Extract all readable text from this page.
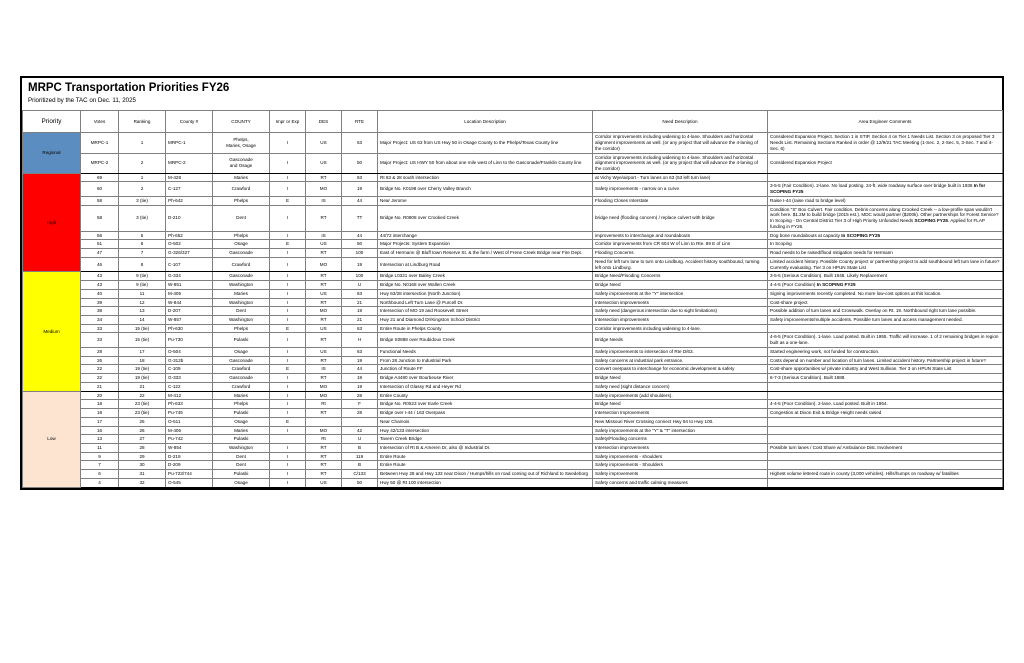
MRPC Transportation Priorities FY26
Prioritized by the TAC on Dec. 11, 2025
Priority	Votes	Ranking	County #	COUNTY	Impr or Exp	DES	RTE	Location Description	Need Description	Area Engineer Comments
Regional	MRPC-1	1	MRPC-1	Phelps,
Maries, Osage	I	US	63	Major Project: US 63 from US Hwy 50 in Osage County to the Phelps/Texas County line	Corridor improvements including widening to 4-lane. Shoulders and horizontal alignment improvements as well. (or any project that will advance the 4-laning of the corridor)	Considered Expansion Project. Section 1 in STIP, Section 4 on Tier 1 Needs List. Section 3 on proposed Tier 3 Needs List. Remaining Sections Ranked in order @ 12/9/21 TAC Meeting (1-Sec. 2, 2-Sec. 5, 3-Sec. 7 and 4-Sec. 6)
	MRPC-2	2	MRPC-2	Gasconade
and Osage	I	US	50	Major Project: US HWY 50 from about one mile west of Linn to the Gasconade/Franklin County line	Corridor improvements including widening to 4-lane. Shoulders and horizontal alignment improvements as well. (or any project that will advance the 4-laning of the corridor)	Considered Expansion Project
High	69	1	M-428	Maries	I	RT	63	Rt 63 & 28 south intersection	at Vichy Wye/airport - Turn lanes on 63 (53 left turn lane)	
	60	2	C-127	Crawford	I	MO	19	Bridge No. K0198 over Cherry Valley Branch	Safety improvements - narrow on a curve	3-5-5 (Fair Condition). 2-lane. No load posting. 24-ft. wide roadway surface over bridge built in 1936 In for SCOPING FY25
	58	3 (tie)	Ph-642	Phelps	E	IS	44	Near Jerome	Flooding Closes Interstate	Raise I-44 (raise road to bridge level)
	58	3 (tie)	D-210	Dent	I	RT	TT	Bridge No. R0808 over Crooked Creek	bridge need (flooding concern) / replace culvert with bridge	Condition "S" Box Culvert. Fair condition. Debris concerns along Crooked Creek -- a low-profile span wouldn't work here. $1.2M to build bridge (2015 est.). MDC would partner ($200k). Other partnerships for Forest Service? In Scoping - On Central District Tier 3 of High Priority Unfunded Needs SCOPING FY25. Applied for FLAP funding in FY26.
	56	5	Ph-652	Phelps	I	IS	44	44/72 interchange	improvements to interchange and roundabouts	Dog bone roundabouts at capacity In SCOPING FY25
	51	6	O-502	Osage	E	US	50	Major Projects: System Expansion	Corridor improvements from CR 604 W of Linn to Rte. 89 E of Linn	In Scoping
	47	7	G-326/327	Gasconade	I	RT	100	East of Hermann @ Bluff town Reserve St. & the farm / West of Frene Creek Bridge near Fire Dept.	Flooding Concerns	Road needs to be raised/flood mitigation needs for Hermann
	46	8	C-107	Crawford	I	MO	19	Intersection at Lindburg Road	Need for left turn lane to turn onto Lindburg. Accident history southbound, turning left onto Lindburg.	Limited accident history. Possible County project or partnership project to add southbound left turn lane in future? Currently evaluating. Tier 3 on HPUN State List
Medium	43	9 (tie)	G-334	Gasconade	I	RT	100	Bridge L0321 over Bailey Creek	Bridge Need/Flooding Concerns	3-5-5 (Serious Condition). Built 1948. Likely Replacement
	43	9 (tie)	W-851	Washington	I	RT	U	Bridge No. N0168 over Wallen Creek	Bridge Need	4-4-5 (Poor Condition) In SCOPING FY25
	40	11	M-405	Maries	I	US	63	Hwy 63/28 intersection (North Junction)	Safety improvements at the "Y" intersection	Signing improvements recently completed. No more low-cost options at this location.
	39	12	W-844	Washington	I	RT	21	Northbound Left Turn Lane @ Purcell Dr.	Intersection improvements	Cost-share project
	38	13	D-207	Dent	I	MO	19	Intersection of MO 19 and Roosevelt Street	Safety need (dangerous intersection due to sight limitations)	Possible addition of turn lanes and Crosswalk. Overlay on Rt. 19. Northbound right turn lane possible.
	34	14	W-857	Washington	I	RT	21	Hwy 21 and Diamond Dr/Kingston School District	Intersection improvements	Safety improvements/multiple accidents. Possible turn lanes and access management needed.
	33	15 (tie)	Ph-630	Phelps	E	US	63	Entire Route in Phelps County	Corridor improvements including widening to 4-lane.	
	33	15 (tie)	Pu-730	Pulaski	I	RT	H	Bridge S0888 over Roubidoux Creek	Bridge Needs	4-6-5 (Poor Condition). 1-lane. Load posted. Built in 1955. Traffic will increase. 1 of 2 remaining bridges in region built as a one-lane.
	28	17	O-504	Osage	I	US	63	Functional Needs	Safety improvements to intersection of Rte D/63.	Started engineering work, not funded for construction.
	26	18	G-312b	Gasconade	I	RT	19	From 28 Junction to Industrial Park	Safety concerns at industrial park entrance.	Costs depend on number and location of turn lanes. Limited accident history. Partnership project in future?
	22	19 (tie)	C-109	Crawford	E	IS	44	Junction of Route FF	Convert overpass to interchange for economic development & safety	Cost-share opportunities w/ private industry and West Sullivan. Tier 3 on HPUN State List
	22	19 (tie)	G-333	Gasconade	I	RT	19	Bridge A4480 over Bourbeuse River	Bridge Need	6-7-3 (Serious Condition). Built 1988.
	21	21	C-122	Crawford	I	MO	19	Intersection of Glassy Rd and Heyer Rd	Safety need (sight distance concern)	
Low	20	22	M-412	Maries	I	MO	28	Entire County	Safety improvements (add shoulders).	
	18	23 (tie)	Ph-633	Phelps	I	Rt	F	Bridge No. R0523 over Earle Creek	Bridge Need	4-4-5 (Poor Condition). 2-lane. Load posted. Built in 1964.
	18	23 (tie)	Pu-745	Pulaski	I	RT	28	Bridge over I-44 / 163 Overpass	Intersection Improvements	Congestion at Dixon Exit & Bridge Height needs raised
	17	25	O-511	Osage	E			Near Chamois	New Missouri River Crossing connect Hwy 94 to Hwy 100.	
	16	26	M-406	Maries	I	MO	42	Hwy 42/133 intersection	Safety improvements at the "Y" & "T" intersection	
	13	27	Pu-742	Pulaski		Rt	U	Tavern Creek Bridge	Safety/Flooding concerns	
	11	28	W-854	Washington	I	RT	B	Intersection of Rt B & Ameren Dr, also @ Industrial Dr.	Intersection improvements	Possible turn lanes / Cost Share w/ Ambulance Dist. Involvement
	9	29	D-219	Dent	I	RT	119	Entire Route	Safety improvements - shoulders	
	7	30	D-209	Dent	I	RT	B	Entire Route	Safety improvements - Shoulders	
	6	31	Pu-723/744	Pulaski	I	RT	C/133	Between Hwy 28 and Hwy 133 near Dixon / Humps/hills on road coming out of Richland to Swedeborg	Safety improvements	Highest volume lettered route in county (3,000 vehicles). Hills/humps on roadway w/ fatalities
	4	32	O-545	Osage	I	US	50	Hwy 50 @ Rt 100 intersection	Safety concerns and traffic calming measures	
